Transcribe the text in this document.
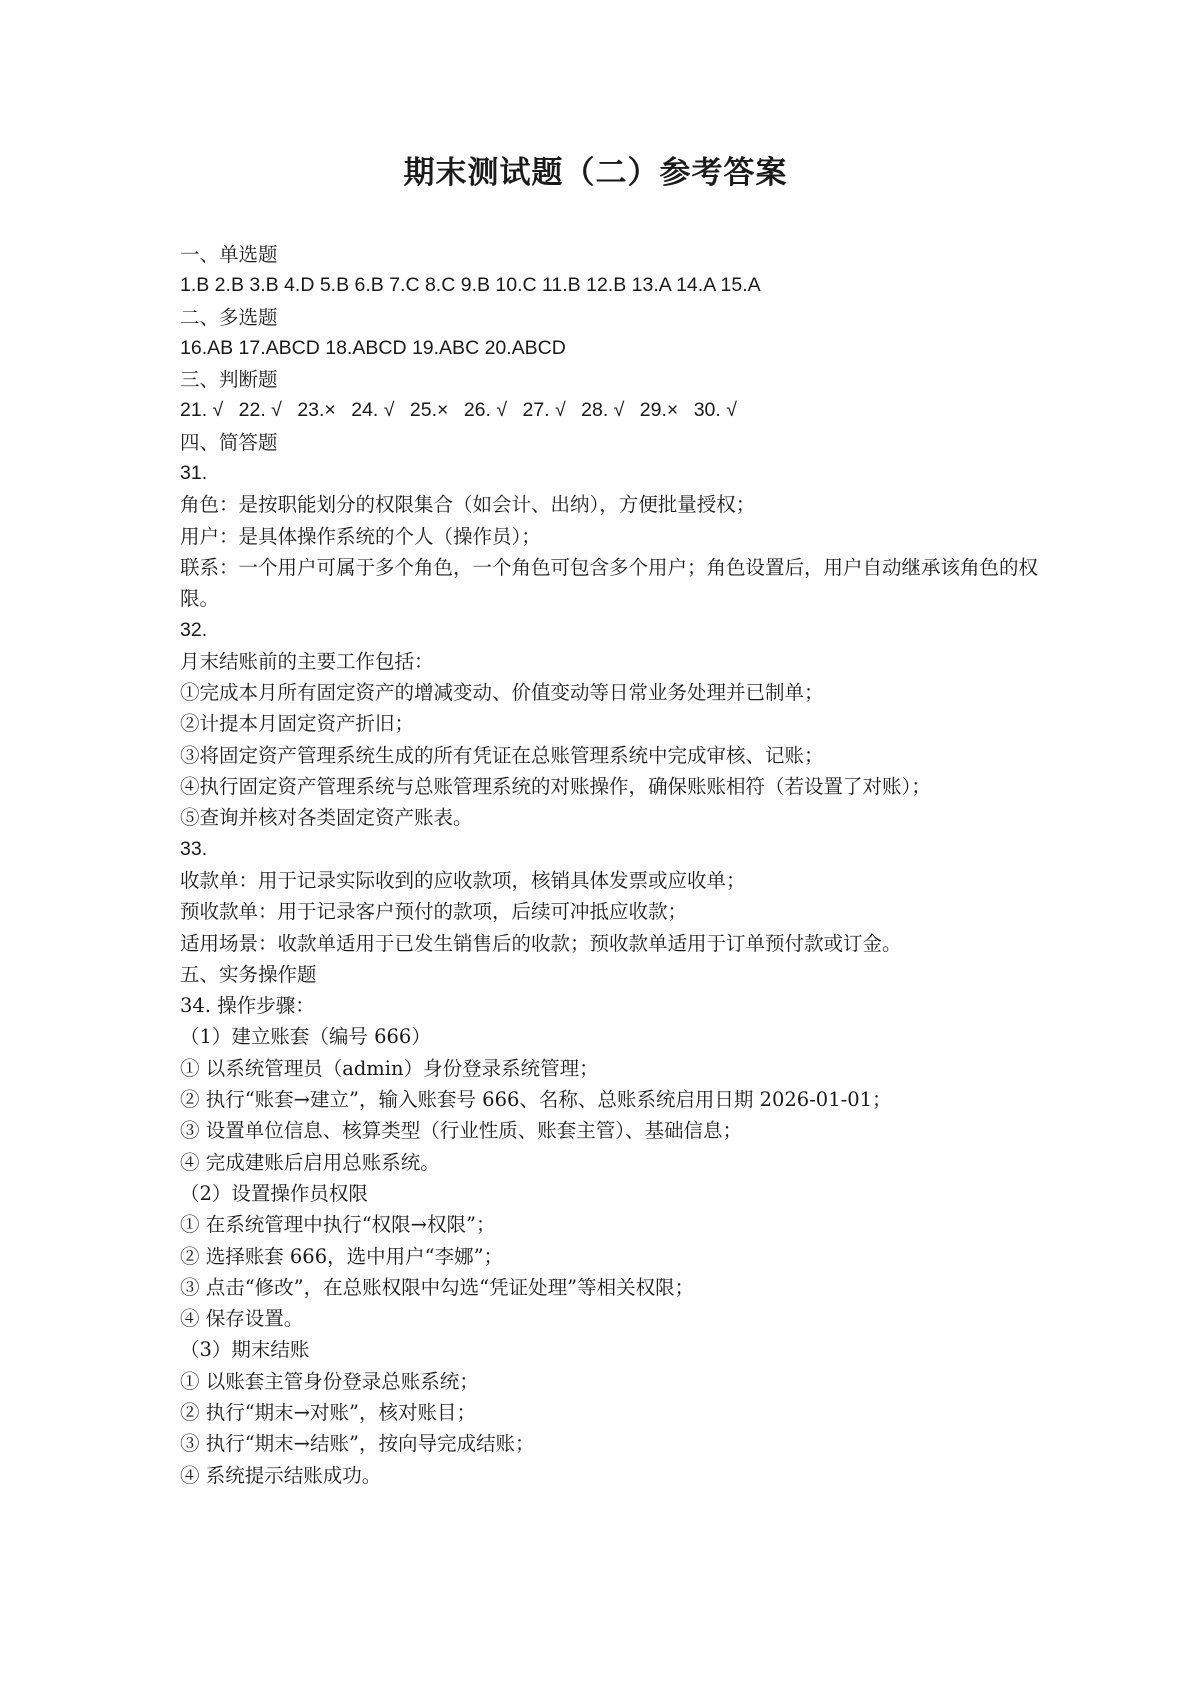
期末测试题（二）参考答案
一、单选题
1.B 2.B 3.B 4.D 5.B 6.B 7.C 8.C 9.B 10.C 11.B 12.B 13.A 14.A 15.A
二、多选题
16.AB 17.ABCD 18.ABCD 19.ABC 20.ABCD
三、判断题
21. √ 22. √ 23.× 24. √ 25.× 26. √ 27. √ 28. √ 29.× 30. √
四、简答题
31.
角色：是按职能划分的权限集合（如会计、出纳），方便批量授权；
用户：是具体操作系统的个人（操作员）；
联系：一个用户可属于多个角色，一个角色可包含多个用户；角色设置后，用户自动继承该角色的权限。
32.
月末结账前的主要工作包括：
①完成本月所有固定资产的增减变动、价值变动等日常业务处理并已制单；
②计提本月固定资产折旧；
③将固定资产管理系统生成的所有凭证在总账管理系统中完成审核、记账；
④执行固定资产管理系统与总账管理系统的对账操作，确保账账相符（若设置了对账）；
⑤查询并核对各类固定资产账表。
33.
收款单：用于记录实际收到的应收款项，核销具体发票或应收单；
预收款单：用于记录客户预付的款项，后续可冲抵应收款；
适用场景：收款单适用于已发生销售后的收款；预收款单适用于订单预付款或订金。
五、实务操作题
34. 操作步骤：
（1）建立账套（编号 666）
① 以系统管理员（admin）身份登录系统管理；
② 执行“账套→建立”，输入账套号 666、名称、总账系统启用日期 2026-01-01；
③ 设置单位信息、核算类型（行业性质、账套主管）、基础信息；
④ 完成建账后启用总账系统。
（2）设置操作员权限
① 在系统管理中执行“权限→权限”；
② 选择账套 666，选中用户“李娜”；
③ 点击“修改”，在总账权限中勾选“凭证处理”等相关权限；
④ 保存设置。
（3）期末结账
① 以账套主管身份登录总账系统；
② 执行“期末→对账”，核对账目；
③ 执行“期末→结账”，按向导完成结账；
④ 系统提示结账成功。
